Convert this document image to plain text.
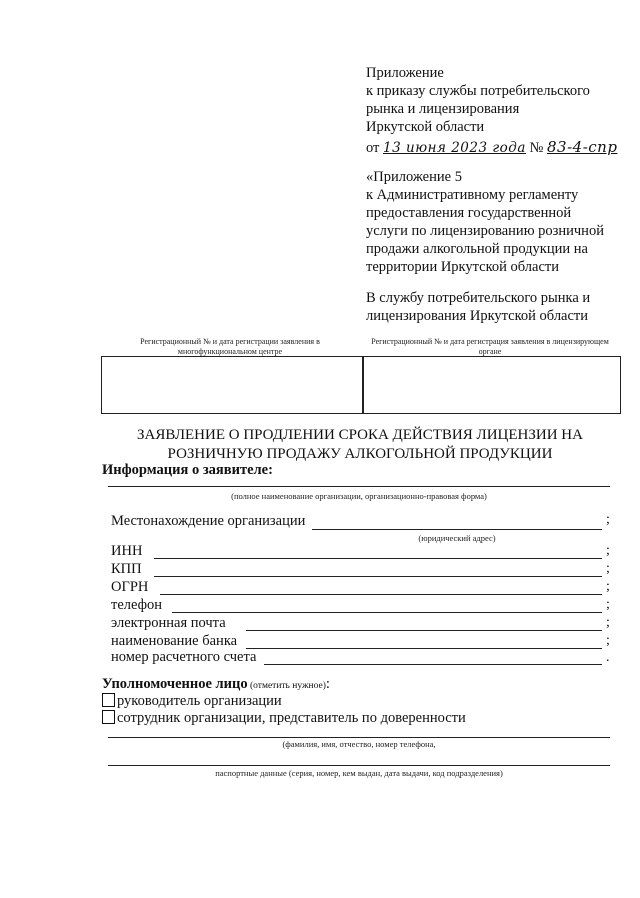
Приложение
к приказу службы потребительского
рынка и лицензирования
Иркутской области
от 13 июня 2023 года № 83-4-спр
«Приложение 5
к Административному регламенту
предоставления государственной
услуги по лицензированию розничной
продажи алкогольной продукции на
территории Иркутской области
В службу потребительского рынка и
лицензирования Иркутской области
Регистрационный № и дата регистрации заявления в многофункциональном центре
Регистрационный № и дата регистрация заявления в лицензирующем органе
ЗАЯВЛЕНИЕ О ПРОДЛЕНИИ СРОКА ДЕЙСТВИЯ ЛИЦЕНЗИИ НА
РОЗНИЧНУЮ ПРОДАЖУ АЛКОГОЛЬНОЙ ПРОДУКЦИИ
Информация о заявителе:
(полное наименование организации, организационно-правовая форма)
Местонахождение организации	;
(юридический адрес)
ИНН	;
КПП	;
ОГРН	;
телефон	;
электронная почта	;
наименование банка	;
номер расчетного счета	.
Уполномоченное лицо (отметить нужное):
руководитель организации
сотрудник организации, представитель по доверенности
(фамилия, имя, отчество, номер телефона,
паспортные данные (серия, номер, кем выдан, дата выдачи, код подразделения)
